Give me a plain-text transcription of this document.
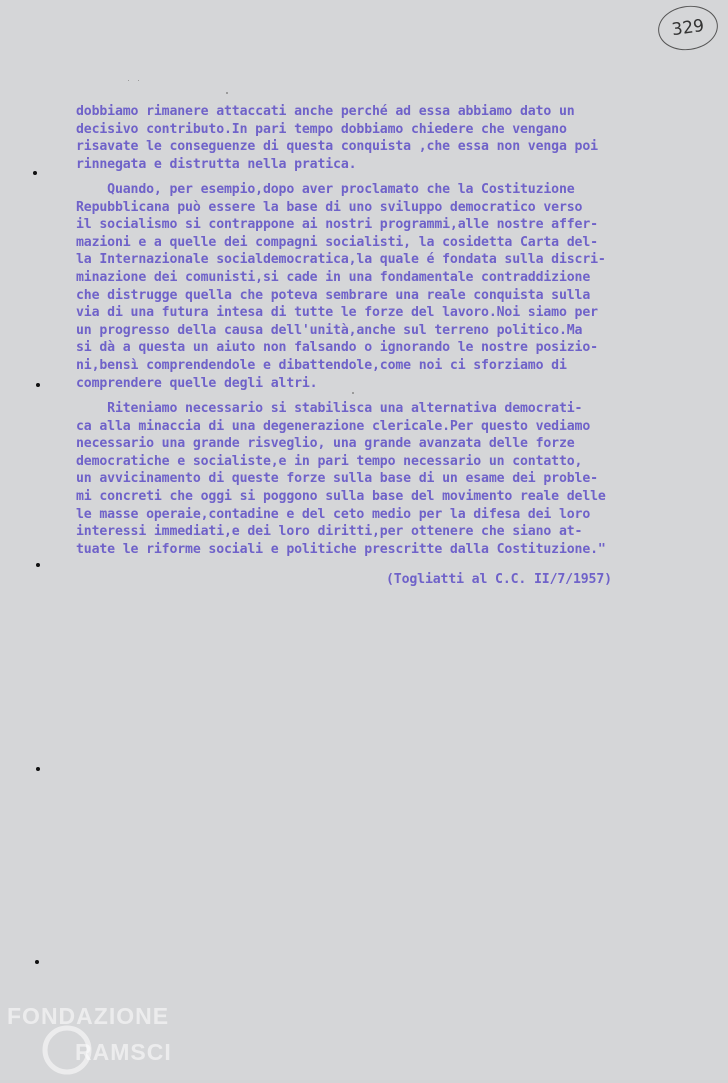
329
dobbiamo rimanere attaccati anche perché ad essa abbiamo dato un
decisivo contributo.In pari tempo dobbiamo chiedere che vengano
risavate le conseguenze di questa conquista ,che essa non venga poi
rinnegata e distrutta nella pratica.
Quando, per esempio,dopo aver proclamato che la Costituzione
Repubblicana può essere la base di uno sviluppo democratico verso
il socialismo si contrappone ai nostri programmi,alle nostre affer-
mazioni e a quelle dei compagni socialisti, la cosidetta Carta del-
la Internazionale socialdemocratica,la quale é fondata sulla discri-
minazione dei comunisti,si cade in una fondamentale contraddizione
che distrugge quella che poteva sembrare una reale conquista sulla
via di una futura intesa di tutte le forze del lavoro.Noi siamo per
un progresso della causa dell'unità,anche sul terreno politico.Ma
si dà a questa un aiuto non falsando o ignorando le nostre posizio-
ni,bensì comprendendole e dibattendole,come noi ci sforziamo di
comprendere quelle degli altri.
Riteniamo necessario si stabilisca una alternativa democrati-
ca alla minaccia di una degenerazione clericale.Per questo vediamo
necessario una grande risveglio, una grande avanzata delle forze
democratiche e socialiste,e in pari tempo necessario un contatto,
un avvicinamento di queste forze sulla base di un esame dei proble-
mi concreti che oggi si poggono sulla base del movimento reale delle
le masse operaie,contadine e del ceto medio per la difesa dei loro
interessi immediati,e dei loro diritti,per ottenere che siano at-
tuate le riforme sociali e politiche prescritte dalla Costituzione."
(Togliatti al C.C. II/7/1957)
FONDAZIONE
RAMSCI
